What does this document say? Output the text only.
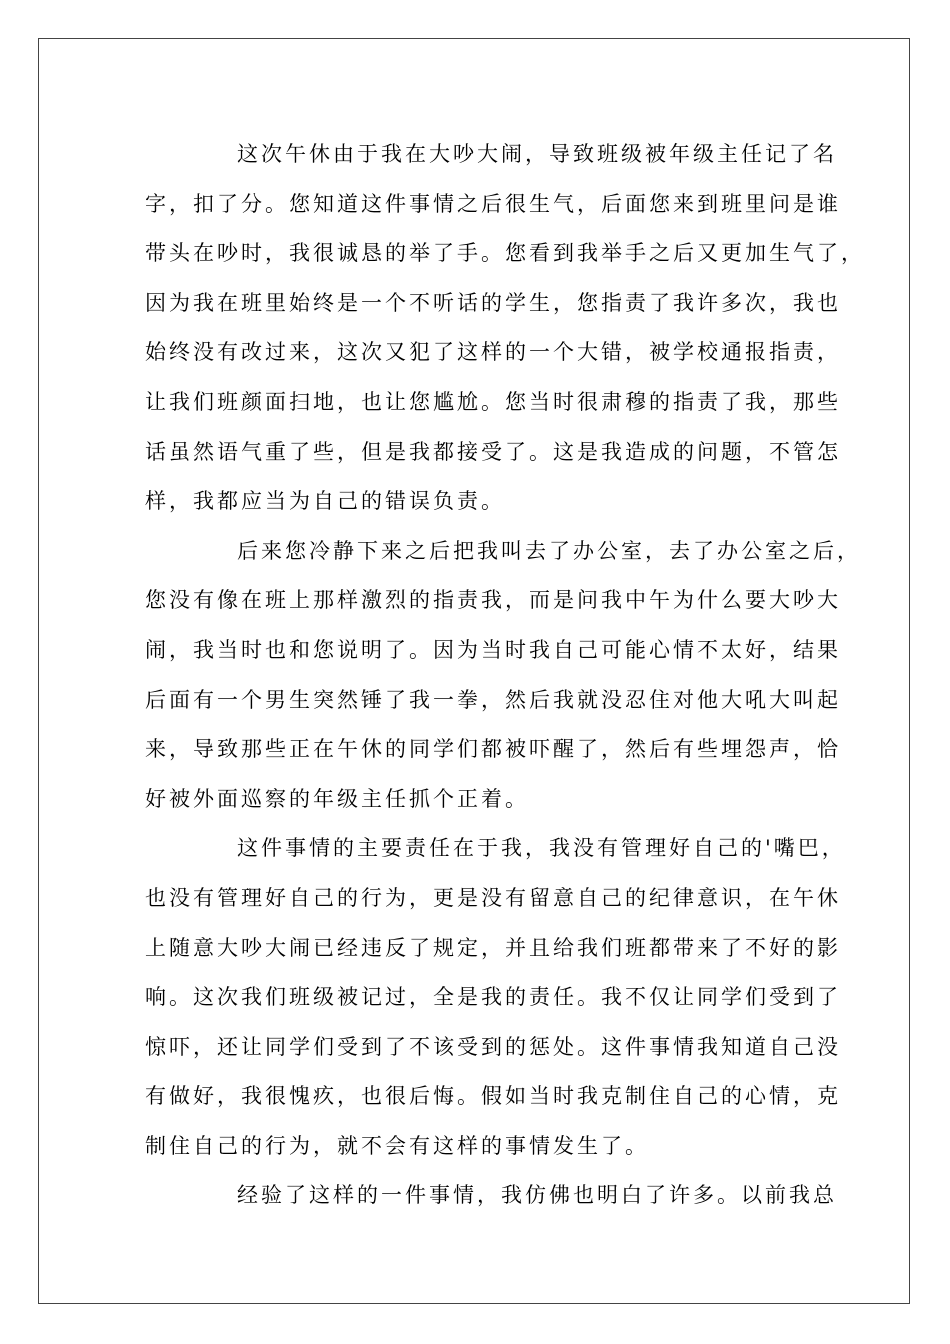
这次午休由于我在大吵大闹，导致班级被年级主任记了名
字，扣了分。您知道这件事情之后很生气，后面您来到班里问是谁
带头在吵时，我很诚恳的举了手。您看到我举手之后又更加生气了，
因为我在班里始终是一个不听话的学生，您指责了我许多次，我也
始终没有改过来，这次又犯了这样的一个大错，被学校通报指责，
让我们班颜面扫地，也让您尴尬。您当时很肃穆的指责了我，那些
话虽然语气重了些，但是我都接受了。这是我造成的问题，不管怎
样，我都应当为自己的错误负责。
后来您冷静下来之后把我叫去了办公室，去了办公室之后，
您没有像在班上那样激烈的指责我，而是问我中午为什么要大吵大
闹，我当时也和您说明了。因为当时我自己可能心情不太好，结果
后面有一个男生突然锤了我一拳，然后我就没忍住对他大吼大叫起
来，导致那些正在午休的同学们都被吓醒了，然后有些埋怨声，恰
好被外面巡察的年级主任抓个正着。
这件事情的主要责任在于我，我没有管理好自己的'嘴巴，
也没有管理好自己的行为，更是没有留意自己的纪律意识，在午休
上随意大吵大闹已经违反了规定，并且给我们班都带来了不好的影
响。这次我们班级被记过，全是我的责任。我不仅让同学们受到了
惊吓，还让同学们受到了不该受到的惩处。这件事情我知道自己没
有做好，我很愧疚，也很后悔。假如当时我克制住自己的心情，克
制住自己的行为，就不会有这样的事情发生了。
经验了这样的一件事情，我仿佛也明白了许多。以前我总
